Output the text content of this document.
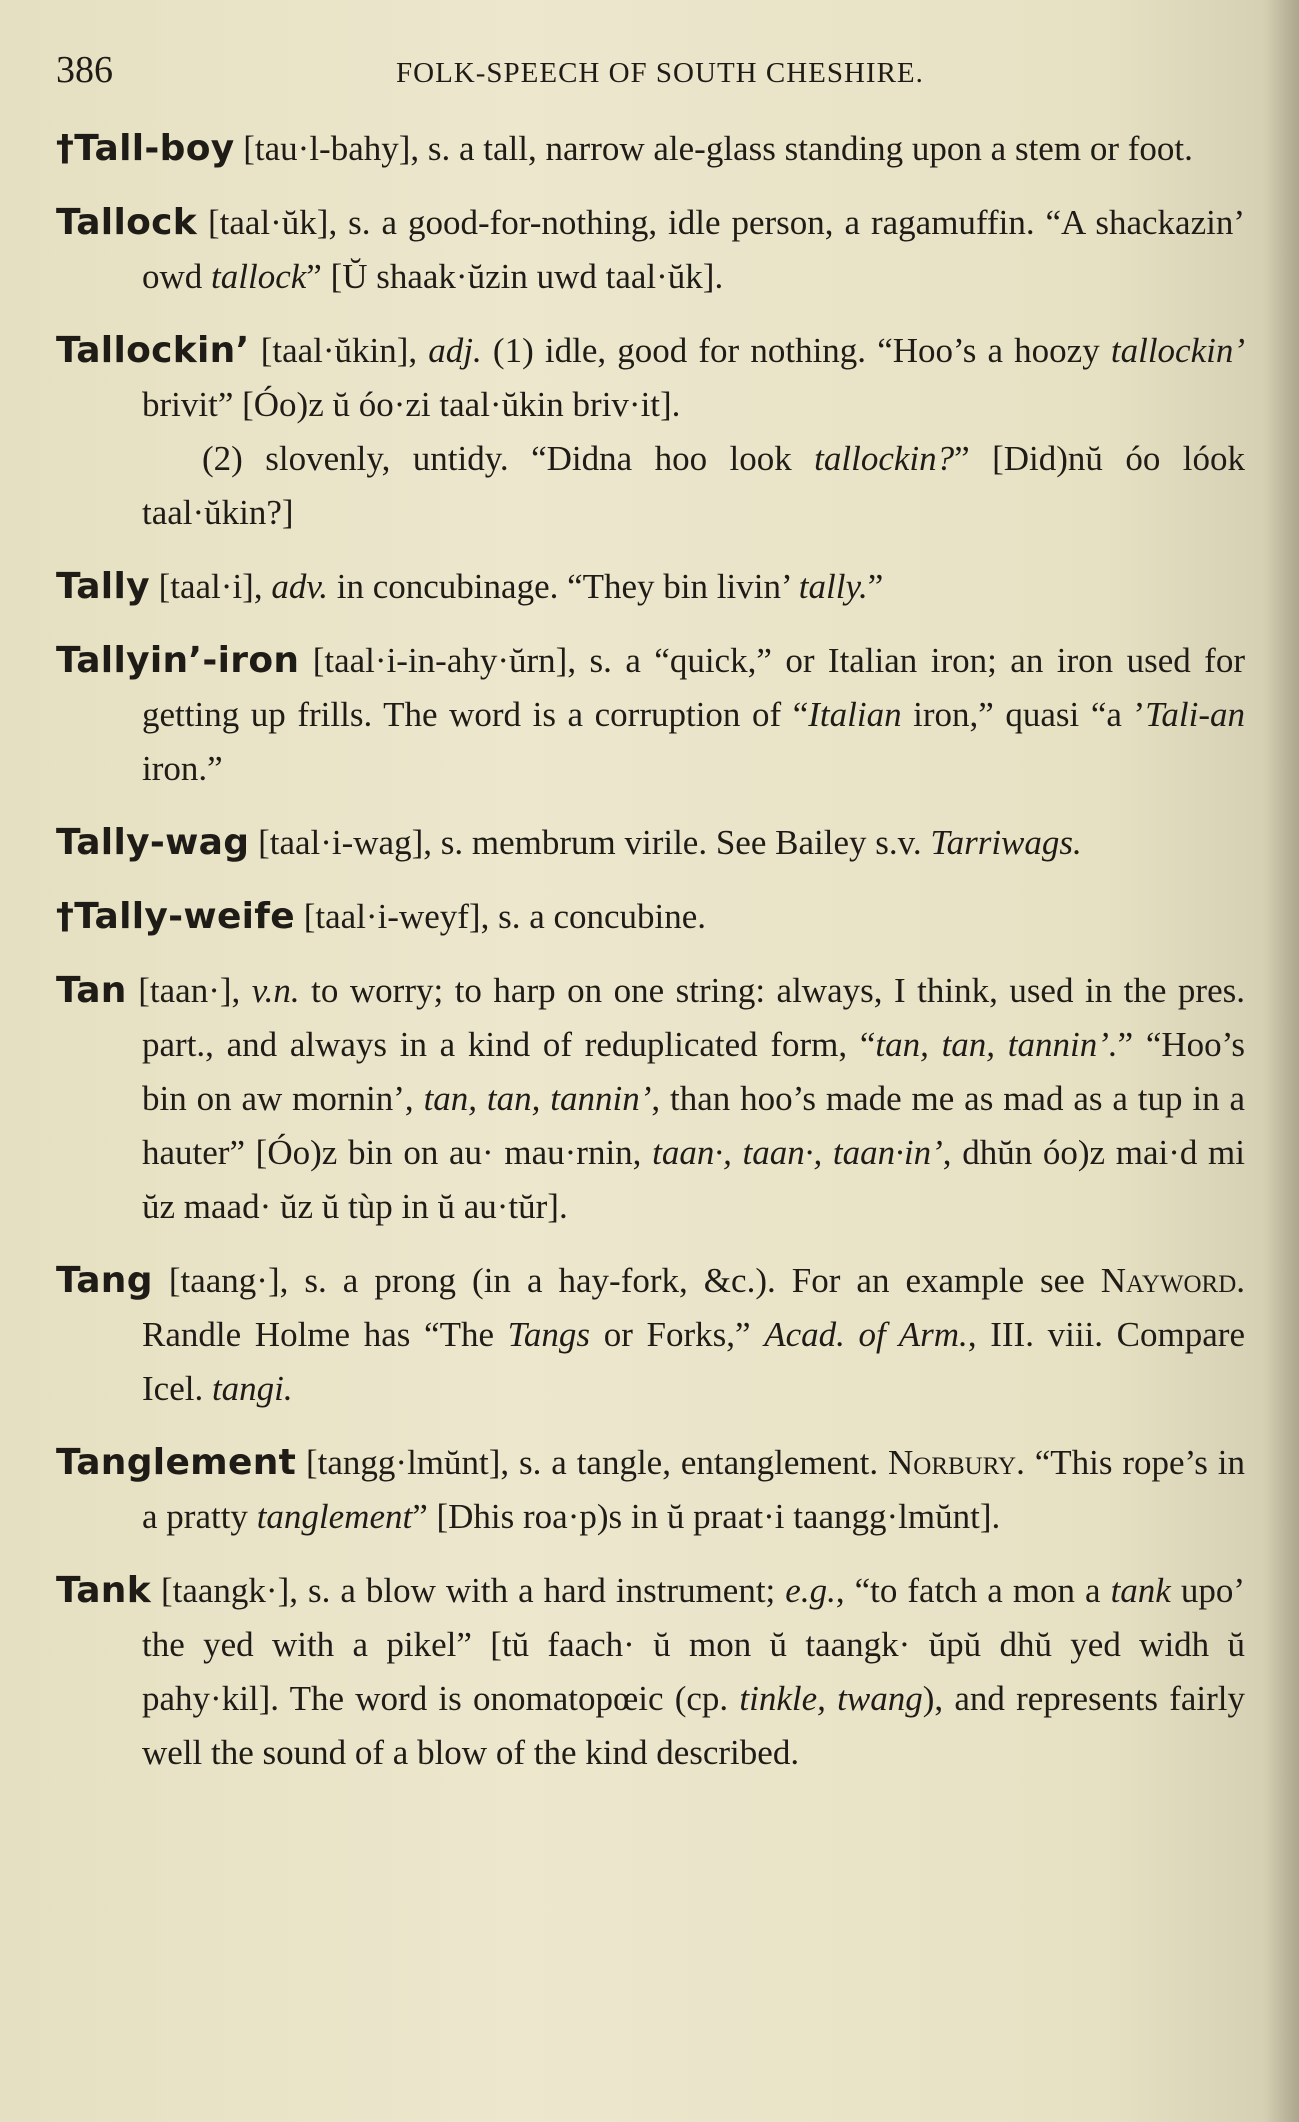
386	FOLK-SPEECH OF SOUTH CHESHIRE.
†Tall-boy [tau·l-bahy], s. a tall, narrow ale-glass standing upon a stem or foot.
Tallock [taal·ŭk], s. a good-for-nothing, idle person, a ragamuffin. “A shackazin’ owd tallock” [Ŭ shaak·ŭzin uwd taal·ŭk].
Tallockin’ [taal·ŭkin], adj. (1) idle, good for nothing. “Hoo’s a hoozy tallockin’ brivit” [Óo)z ŭ óo·zi taal·ŭkin briv·it].
(2) slovenly, untidy. “Didna hoo look tallockin?” [Did)nŭ óo lóok taal·ŭkin?]
Tally [taal·i], adv. in concubinage. “They bin livin’ tally.”
Tallyin’-iron [taal·i-in-ahy·ŭrn], s. a “quick,” or Italian iron; an iron used for getting up frills. The word is a corruption of “Italian iron,” quasi “a ’Tali-an iron.”
Tally-wag [taal·i-wag], s. membrum virile. See Bailey s.v. Tarriwags.
†Tally-weife [taal·i-weyf], s. a concubine.
Tan [taan·], v.n. to worry; to harp on one string: always, I think, used in the pres. part., and always in a kind of reduplicated form, “tan, tan, tannin’.” “Hoo’s bin on aw mornin’, tan, tan, tannin’, than hoo’s made me as mad as a tup in a hauter” [Óo)z bin on au· mau·rnin, taan·, taan·, taan·in’, dhŭn óo)z mai·d mi ŭz maad· ŭz ŭ tùp in ŭ au·tŭr].
Tang [taang·], s. a prong (in a hay-fork, &c.). For an example see Nayword. Randle Holme has “The Tangs or Forks,” Acad. of Arm., III. viii. Compare Icel. tangi.
Tanglement [tangg·lmŭnt], s. a tangle, entanglement. Norbury. “This rope’s in a pratty tanglement” [Dhis roa·p)s in ŭ praat·i taangg·lmŭnt].
Tank [taangk·], s. a blow with a hard instrument; e.g., “to fatch a mon a tank upo’ the yed with a pikel” [tŭ faach· ŭ mon ŭ taangk· ŭpŭ dhŭ yed widh ŭ pahy·kil]. The word is onomatopœic (cp. tinkle, twang), and represents fairly well the sound of a blow of the kind described.
